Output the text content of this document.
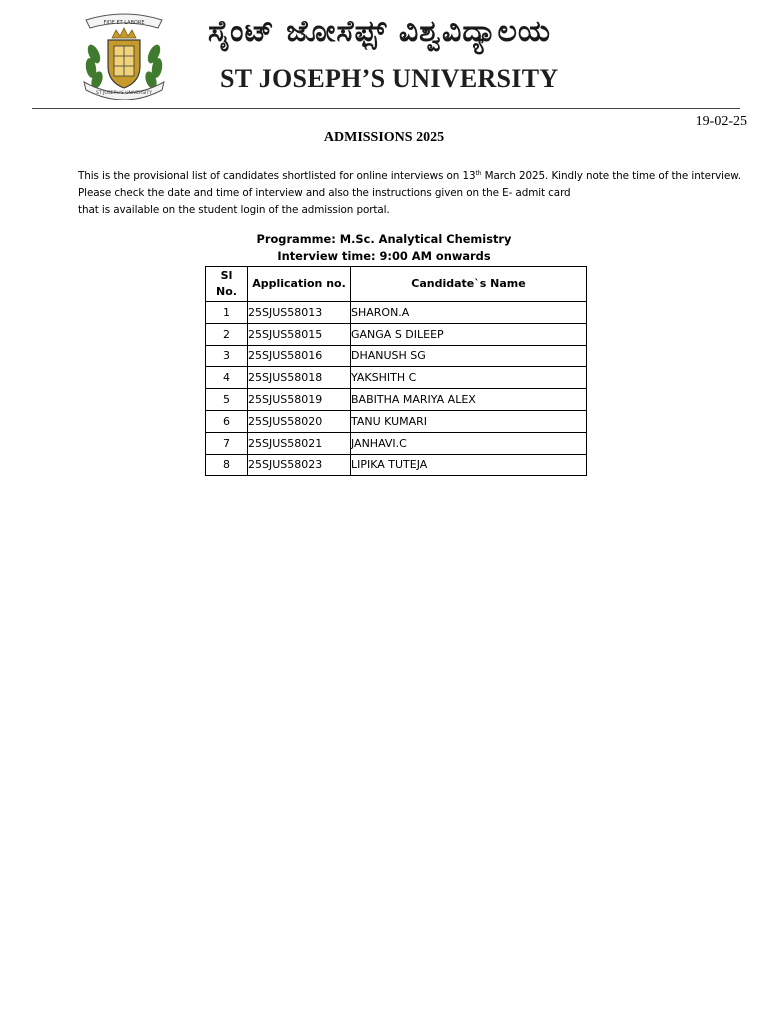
FIDE ET LABORE
ST JOSEPH'S UNIVERSITY
ಸೈಂಟ್ ಜೋಸೆಫ್ಸ್ ವಿಶ್ವವಿದ್ಯಾಲಯ
ST JOSEPH’S UNIVERSITY
19-02-25
ADMISSIONS 2025
This is the provisional list of candidates shortlisted for online interviews on 13th March 2025. Kindly note the time of the interview.
Please check the date and time of interview and also the instructions given on the E- admit card
that is available on the student login of the admission portal.
Programme: M.Sc. Analytical Chemistry
Interview time: 9:00 AM onwards
Sl
No.	Application no.	Candidate`s Name
1	25SJUS58013	SHARON.A
2	25SJUS58015	GANGA S DILEEP
3	25SJUS58016	DHANUSH SG
4	25SJUS58018	YAKSHITH C
5	25SJUS58019	BABITHA MARIYA ALEX
6	25SJUS58020	TANU KUMARI
7	25SJUS58021	JANHAVI.C
8	25SJUS58023	LIPIKA TUTEJA
